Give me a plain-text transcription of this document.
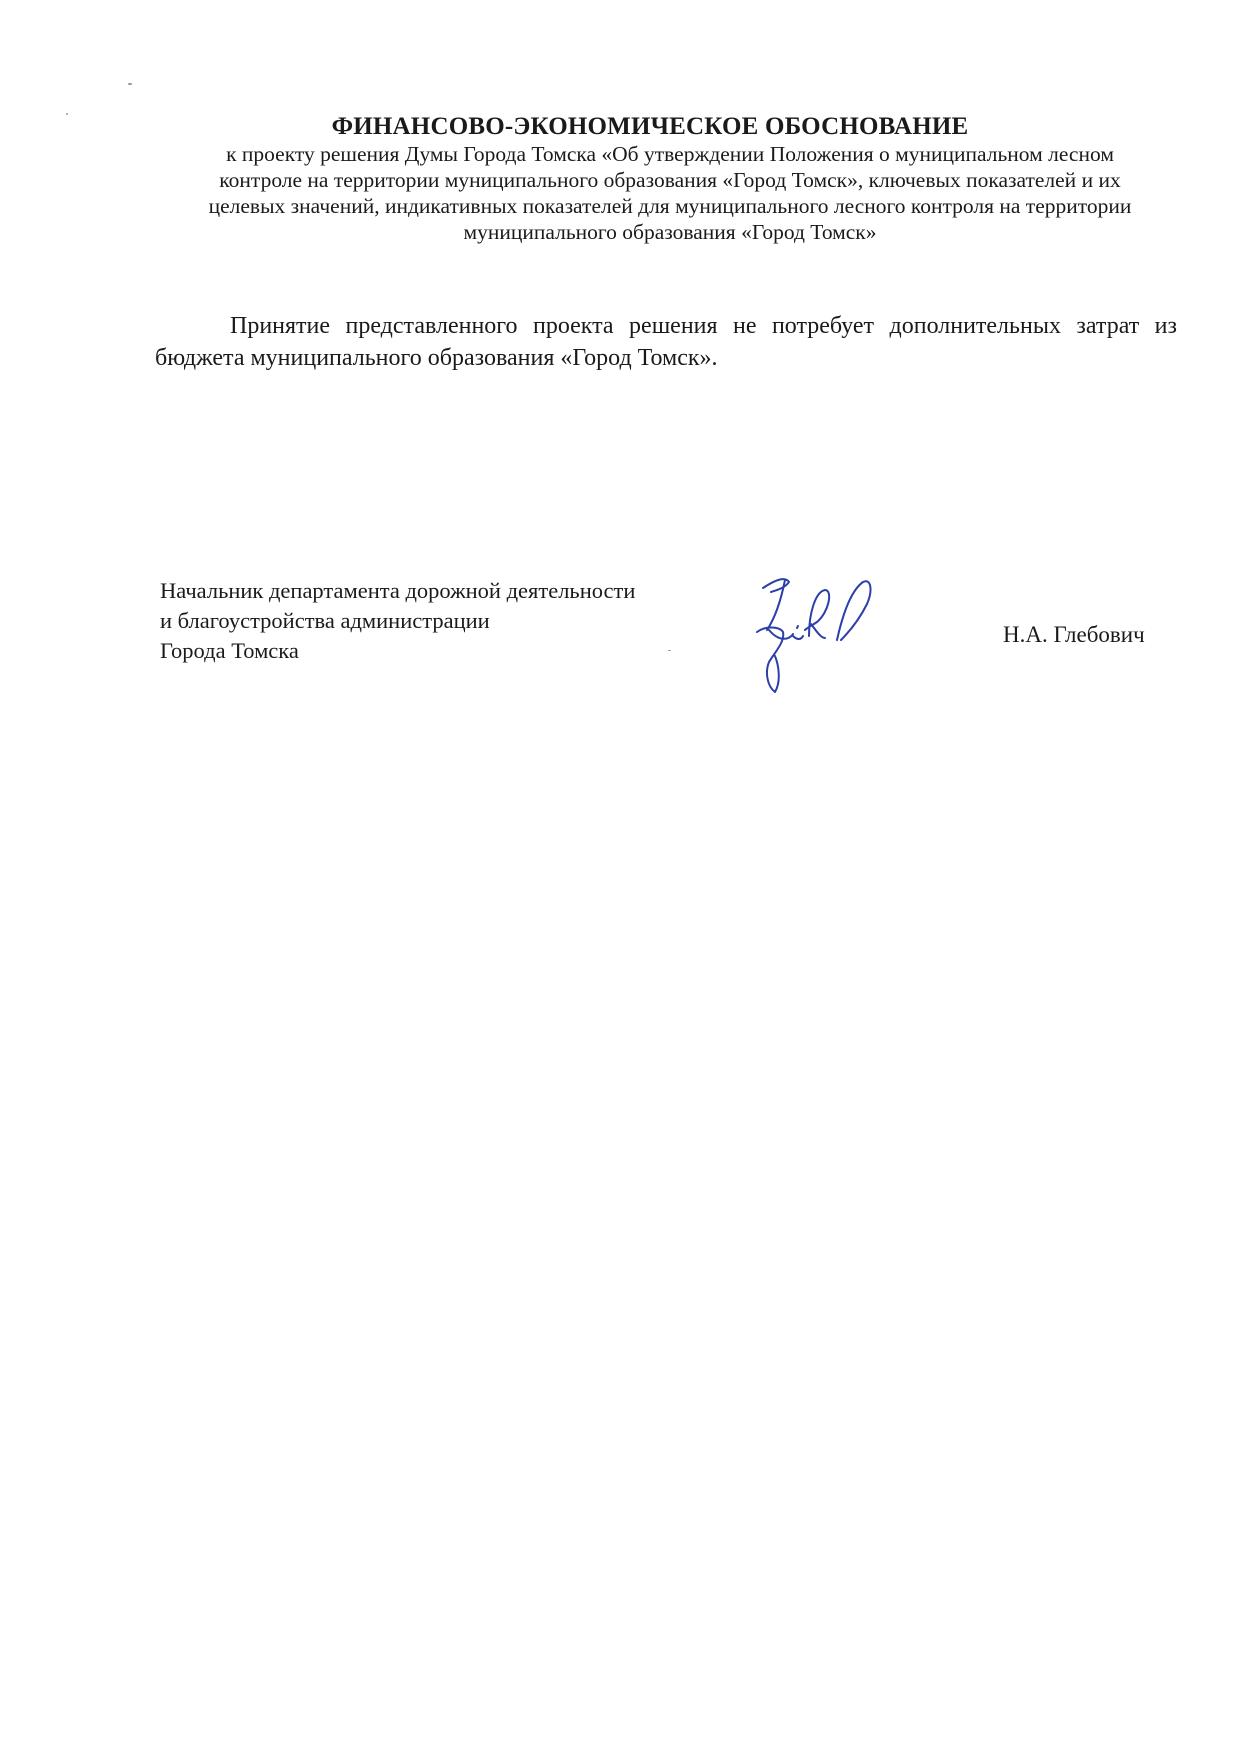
ФИНАНСОВО-ЭКОНОМИЧЕСКОЕ ОБОСНОВАНИЕ
к проекту решения Думы Города Томска «Об утверждении Положения о муниципальном лесном
контроле на территории муниципального образования «Город Томск», ключевых показателей и их
целевых значений, индикативных показателей для муниципального лесного контроля на территории
муниципального образования «Город Томск»
Принятие представленного проекта решения не потребует дополнительных затрат из бюджета муниципального образования «Город Томск».
Начальник департамента дорожной деятельности
и благоустройства администрации
Города Томска
Н.А. Глебович
